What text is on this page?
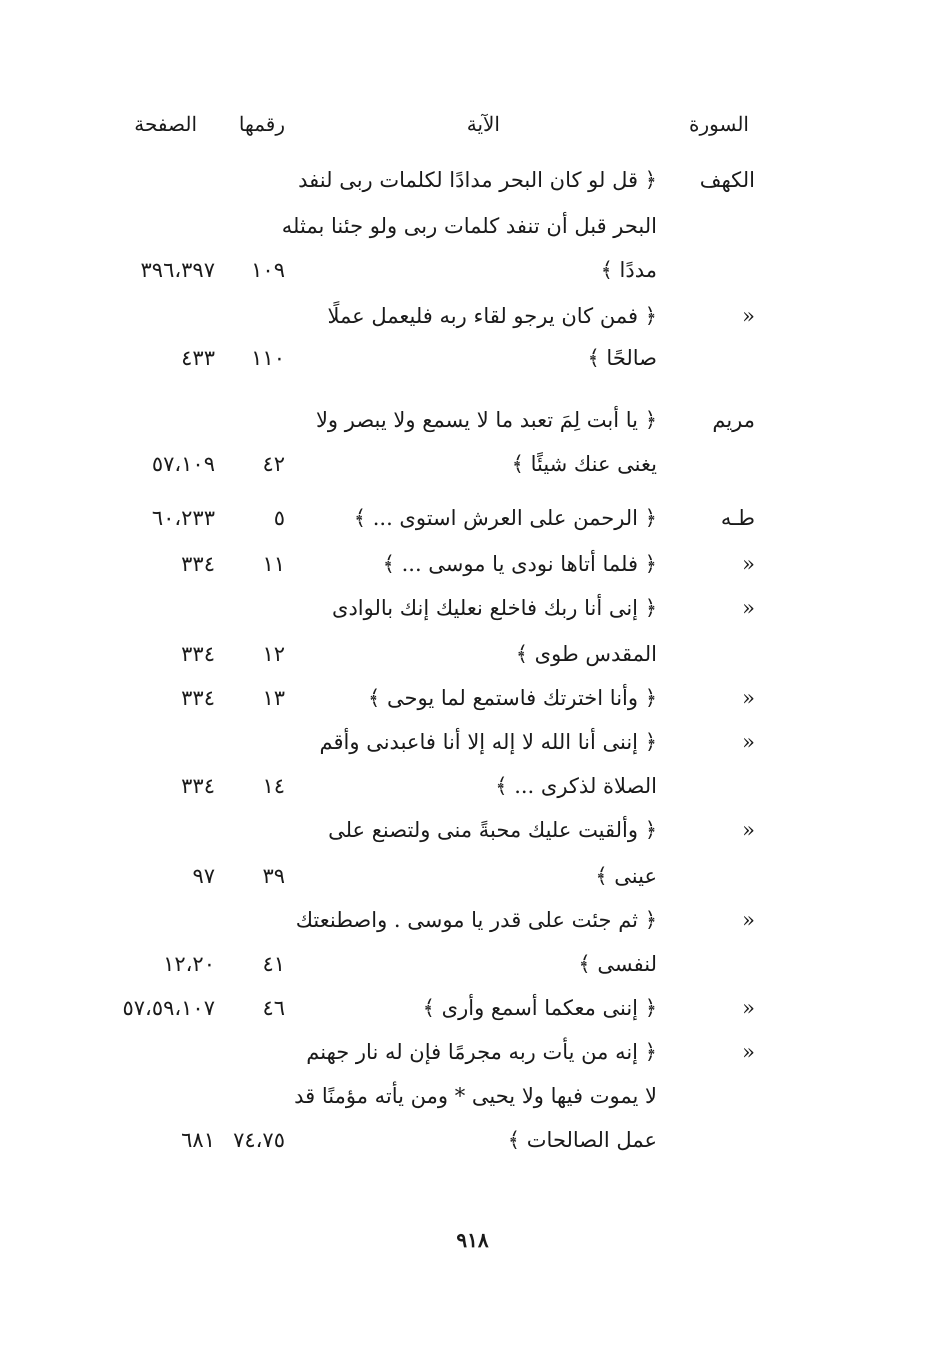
السورة
الآية
رقمها
الصفحة
الكهف
﴿ قل لو كان البحر مدادًا لكلمات ربى لنفد
البحر قبل أن تنفد كلمات ربى ولو جئنا بمثله
مددًا ﴾
١٠٩
٣٩٦،٣٩٧
«
﴿ فمن كان يرجو لقاء ربه فليعمل عملًا
صالحًا ﴾
١١٠
٤٣٣
مريم
﴿ يا أبت لِمَ تعبد ما لا يسمع ولا يبصر ولا
يغنى عنك شيئًا ﴾
٤٢
٥٧،١٠٩
طـه
﴿ الرحمن على العرش استوى ... ﴾
٥
٦٠،٢٣٣
«
﴿ فلما أتاها نودى يا موسى ... ﴾
١١
٣٣٤
«
﴿ إنى أنا ربك فاخلع نعليك إنك بالوادى
المقدس طوى ﴾
١٢
٣٣٤
«
﴿ وأنا اخترتك فاستمع لما يوحى ﴾
١٣
٣٣٤
«
﴿ إننى أنا الله لا إله إلا أنا فاعبدنى وأقم
الصلاة لذكرى ... ﴾
١٤
٣٣٤
«
﴿ وألقيت عليك محبةً منى ولتصنع على
عينى ﴾
٣٩
٩٧
«
﴿ ثم جئت على قدر يا موسى . واصطنعتك
لنفسى ﴾
٤١
١٢،٢٠
«
﴿ إننى معكما أسمع وأرى ﴾
٤٦
٥٧،٥٩،١٠٧
«
﴿ إنه من يأت ربه مجرمًا فإن له نار جهنم
لا يموت فيها ولا يحيى * ومن يأته مؤمنًا قد
عمل الصالحات ﴾
٧٤،٧٥
٦٨١
٩١٨
